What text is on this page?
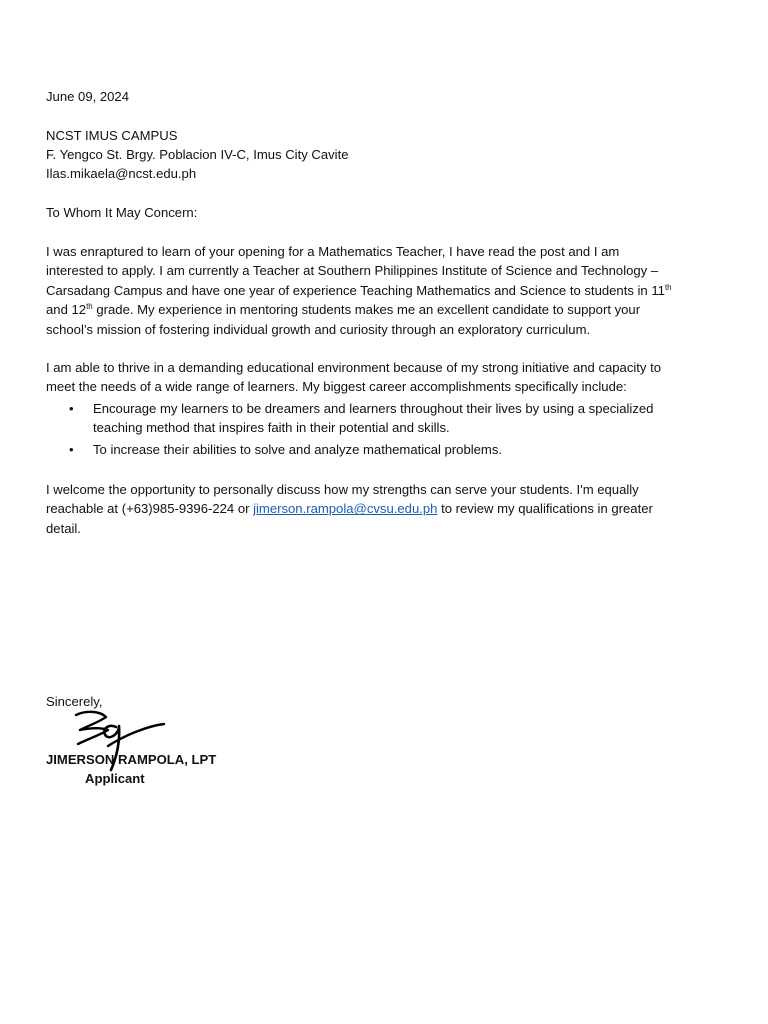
June 09, 2024
NCST IMUS CAMPUS
F. Yengco St. Brgy. Poblacion IV-C, Imus City Cavite
Ilas.mikaela@ncst.edu.ph
To Whom It May Concern:
I was enraptured to learn of your opening for a Mathematics Teacher, I have read the post and I am
interested to apply. I am currently a Teacher at Southern Philippines Institute of Science and Technology –
Carsadang Campus and have one year of experience Teaching Mathematics and Science to students in 11th
and 12th grade. My experience in mentoring students makes me an excellent candidate to support your
school’s mission of fostering individual growth and curiosity through an exploratory curriculum.
I am able to thrive in a demanding educational environment because of my strong initiative and capacity to
meet the needs of a wide range of learners. My biggest career accomplishments specifically include:
• Encourage my learners to be dreamers and learners throughout their lives by using a specialized
teaching method that inspires faith in their potential and skills.
• To increase their abilities to solve and analyze mathematical problems.
I welcome the opportunity to personally discuss how my strengths can serve your students. I'm equally
reachable at (+63)985-9396-224 or jimerson.rampola@cvsu.edu.ph to review my qualifications in greater
detail.
Sincerely,
JIMERSON RAMPOLA, LPT
Applicant
